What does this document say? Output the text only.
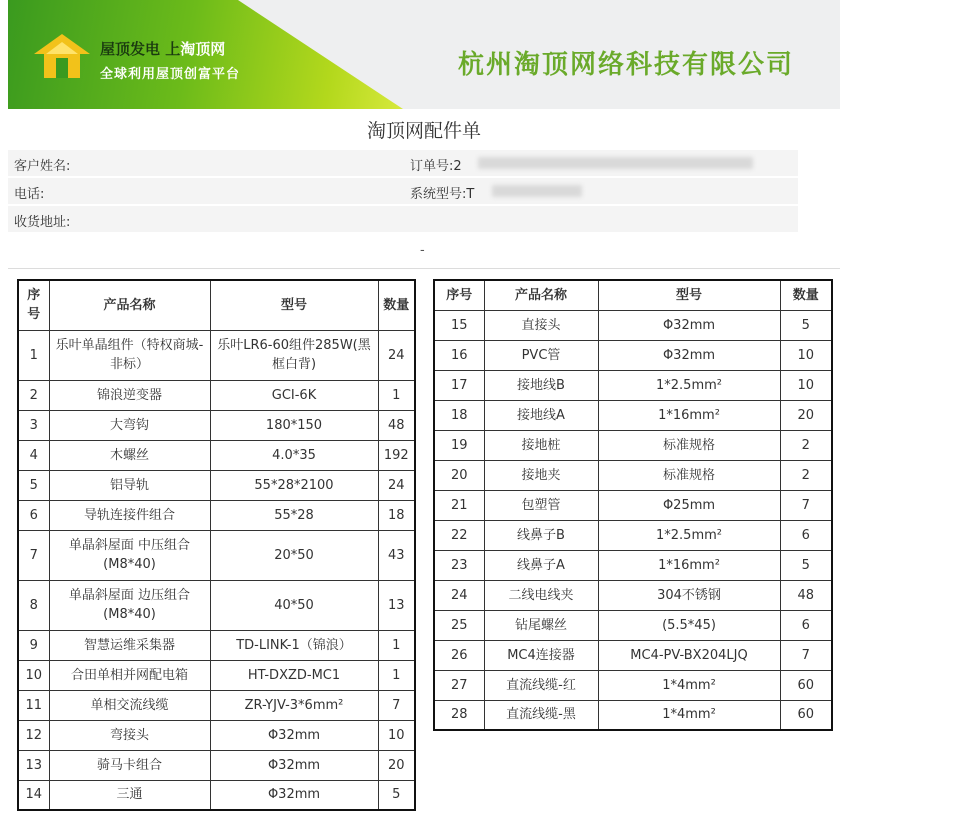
屋顶发电 上淘顶网
全球利用屋顶创富平台	杭州淘顶网络科技有限公司
淘顶网配件单
客户姓名:	订单号:2
电话:	系统型号:T
收货地址:
-
序号	产品名称	型号	数量
1	乐叶单晶组件（特权商城-非标）	乐叶LR6-60组件285W(黑框白背)	24
2	锦浪逆变器	GCI-6K	1
3	大弯钩	180*150	48
4	木螺丝	4.0*35	192
5	铝导轨	55*28*2100	24
6	导轨连接件组合	55*28	18
7	单晶斜屋面 中压组合(M8*40)	20*50	43
8	单晶斜屋面 边压组合(M8*40)	40*50	13
9	智慧运维采集器	TD-LINK-1（锦浪）	1
10	合田单相并网配电箱	HT-DXZD-MC1	1
11	单相交流线缆	ZR-YJV-3*6mm²	7
12	弯接头	Φ32mm	10
13	骑马卡组合	Φ32mm	20
14	三通	Φ32mm	5
序号	产品名称	型号	数量
15	直接头	Φ32mm	5
16	PVC管	Φ32mm	10
17	接地线B	1*2.5mm²	10
18	接地线A	1*16mm²	20
19	接地桩	标准规格	2
20	接地夹	标准规格	2
21	包塑管	Φ25mm	7
22	线鼻子B	1*2.5mm²	6
23	线鼻子A	1*16mm²	5
24	二线电线夹	304不锈钢	48
25	钻尾螺丝	(5.5*45)	6
26	MC4连接器	MC4-PV-BX204LJQ	7
27	直流线缆-红	1*4mm²	60
28	直流线缆-黑	1*4mm²	60
